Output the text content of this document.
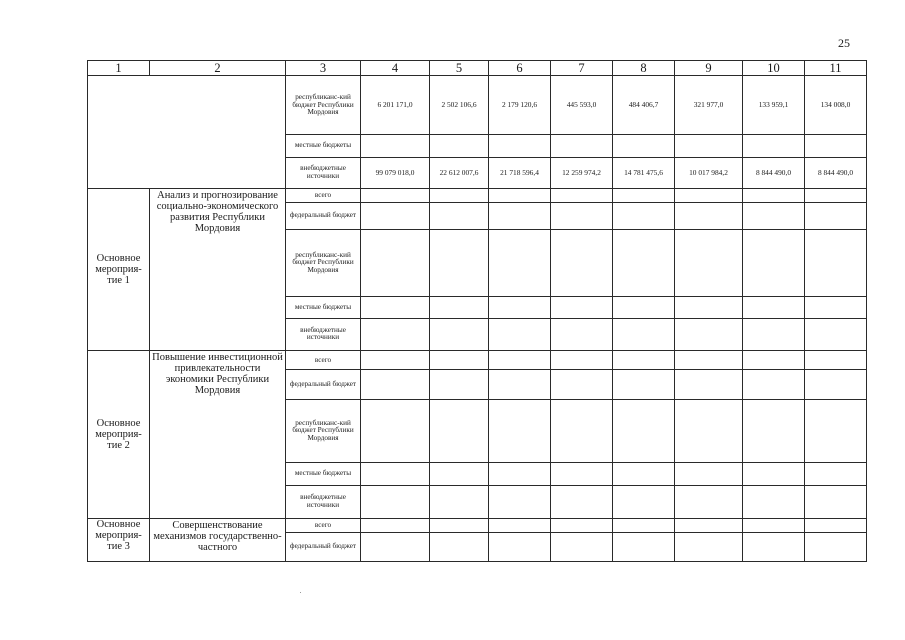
25
1	2	3	4	5	6	7	8	9	10	11
		республиканс-кий бюджет Республики Мордовия	6 201 171,0	2 502 106,6	2 179 120,6	445 593,0	484 406,7	321 977,0	133 959,1	134 008,0
		местные бюджеты								
		внебюджетные источники	99 079 018,0	22 612 007,6	21 718 596,4	12 259 974,2	14 781 475,6	10 017 984,2	8 844 490,0	8 844 490,0
Основное мероприя-тие 1	Анализ и прогнозирование социально-экономического развития Республики Мордовия	всего								
		федеральный бюджет								
		республиканс-кий бюджет Республики Мордовия								
		местные бюджеты								
		внебюджетные источники								
Основное мероприя-тие 2	Повышение инвестиционной привлекательности экономики Республики Мордовия	всего								
		федеральный бюджет								
		республиканс-кий бюджет Республики Мордовия								
		местные бюджеты								
		внебюджетные источники								
Основное мероприя-тие 3	Совершенствование механизмов государственно-частного	всего								
		федеральный бюджет								
